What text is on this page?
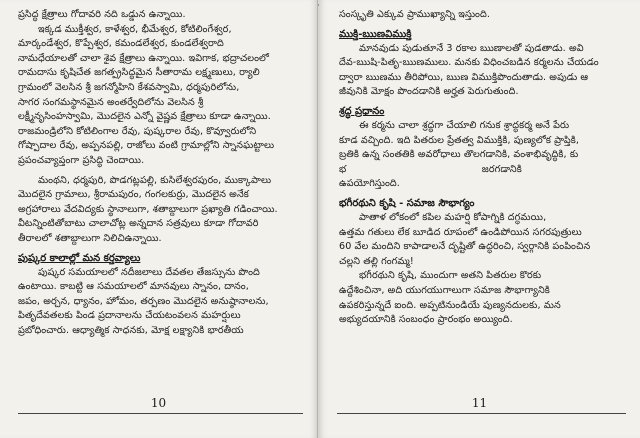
ప్రసిద్ధ క్షేత్రాలు గోదావరి నది ఒడ్డున ఉన్నాయి.
ఇక్కడ ముక్తీశ్వర, కాళేశ్వర, భీమేశ్వర, కోటిలింగేశ్వర,
మార్కండేశ్వర, కొప్పేశ్వర, కమండలేశ్వర, కుండలేశ్వరాది
నామధేయాలతో చాలా శైవ క్షేత్రాలు ఉన్నాయి. ఇవిగాక, భద్రాచలంలో
రామదాసు కృషిచేత జగత్ప్రసిద్ధమైన సీతారామ లక్ష్మణులు, ర్యాలి
గ్రామంలో వెలసిన శ్రీ జగన్మోహిని కేశవస్వామి, ధర్మపురిలోను,
సాగర సంగమస్థానమైన అంతర్వేదిలోను వెలసిన శ్రీ
లక్ష్మీనృసింహస్వామి, మొదలైన ఎన్నో వైష్ణవ క్షేత్రాలు కూడా ఉన్నాయి.
రాజమండ్రిలోని కోటిలింగాల రేవు, పుష్కరాల రేవు, కొవ్వూరులోని
గోష్పాదాల రేవు, అప్పనపల్లి, రాజోలు వంటి గ్రామాల్లోని స్నానఘట్టాలు
ప్రపంచవ్యాప్తంగా ప్రసిద్ధి చెందాయి.
మంథని, ధర్మపురి, పొడగట్లపల్లి, కుసిలేశ్వరపురం, ముక్కాపాలు
మొదలైన గ్రామాలు, శ్రీరామపురం, గంగలకుర్రు, మొదలైన అనేక
అగ్రహారాలు వేదవిద్యకు స్థానాలుగా, శతాబ్దాలుగా ప్రఖ్యాతి గడించాయి.
వీటన్నింటితోబాటు చాలాచోట్ల అన్నదాన సత్రవులు కూడా గోదావరి
తీరాలలో శతాబ్దాలుగా నిలిచిఉన్నాయి.
పుష్కర కాలాల్లో మన కర్తవ్యాలు
పుష్కర సమయాలలో నదీజలాలు దేవతల తేజస్సును పొంది
ఉంటాయి. కాబట్టి ఆ సమయాలలో మానవులు స్నానం, దానం,
జపం, అర్చన, ధ్యానం, హోమం, తర్పణం మొదలైన అనుష్ఠానాలను,
పితృదేవతలకు పిండ ప్రదానాలను చేయటంవలన మహర్షులు
ప్రబోధించారు. ఆధ్యాత్మిక సాధనకు, మోక్ష లక్ష్యానికి భారతీయ
10
సంస్కృతి ఎక్కువ ప్రాముఖ్యాన్ని ఇస్తుంది.
ముక్తి-ఋణవిముక్తి
మానవుడు పుడుతూనే 3 రకాల ఋణాలతో పుడతాడు. అవి
దేవ-ఋషి-పితృ-ఋణములు. మనకు విధించబడిన కర్మలను చేయడం
ద్వారా ఋణము తీరిపోయి, ఋణ విముక్తిపొందుతాడు. అపుడు ఆ
జీవునికి మోక్షం పొందడానికి అర్హత పెరుగుతుంది.
శ్రద్ధ ప్రధానం
ఈ కర్మను చాలా శ్రద్ధగా చేయాలి గనుక శ్రాద్ధకర్మ అనే పేరు
కూడ వచ్చింది. ఇది పితరుల ప్రేతత్వ విముక్తికి, పుణ్యలోక ప్రాప్తికి,
బ్రతికి ఉన్న సంతతికి అవరోధాలు తొలగడానికి, వంశాభివృద్ధికి, కు
భ                                           జరగడానికి
ఉపయోగిస్తుంది.
భగీరథుని కృషి - సమాజ సౌభాగ్యం
పాతాళ లోకంలో కపిల మహర్షి కోపాగ్నికి దగ్ధమయి,
ఉత్తమ గతులు లేక బూడిద రూపంలో ఉండిపోయిన సగరపుత్రులు
60 వేల మందిని కాపాడాలనే దృష్టితో ఉద్ధరించి, స్వర్గానికి పంపించిన
చల్లని తల్లి గంగమ్మ!
భగీరథుని కృషి, ముందుగా అతని పితరుల కొరకు
ఉద్దేశించినా, అది యుగయుగాలుగా సమాజ సౌభాగ్యానికి
ఉపకరిస్తున్నదే ఐంది. అప్పటినుండియే పుణ్యనదులకు, మన
అభ్యుదయానికి సంబంధం ప్రారంభం అయ్యింది.
11
